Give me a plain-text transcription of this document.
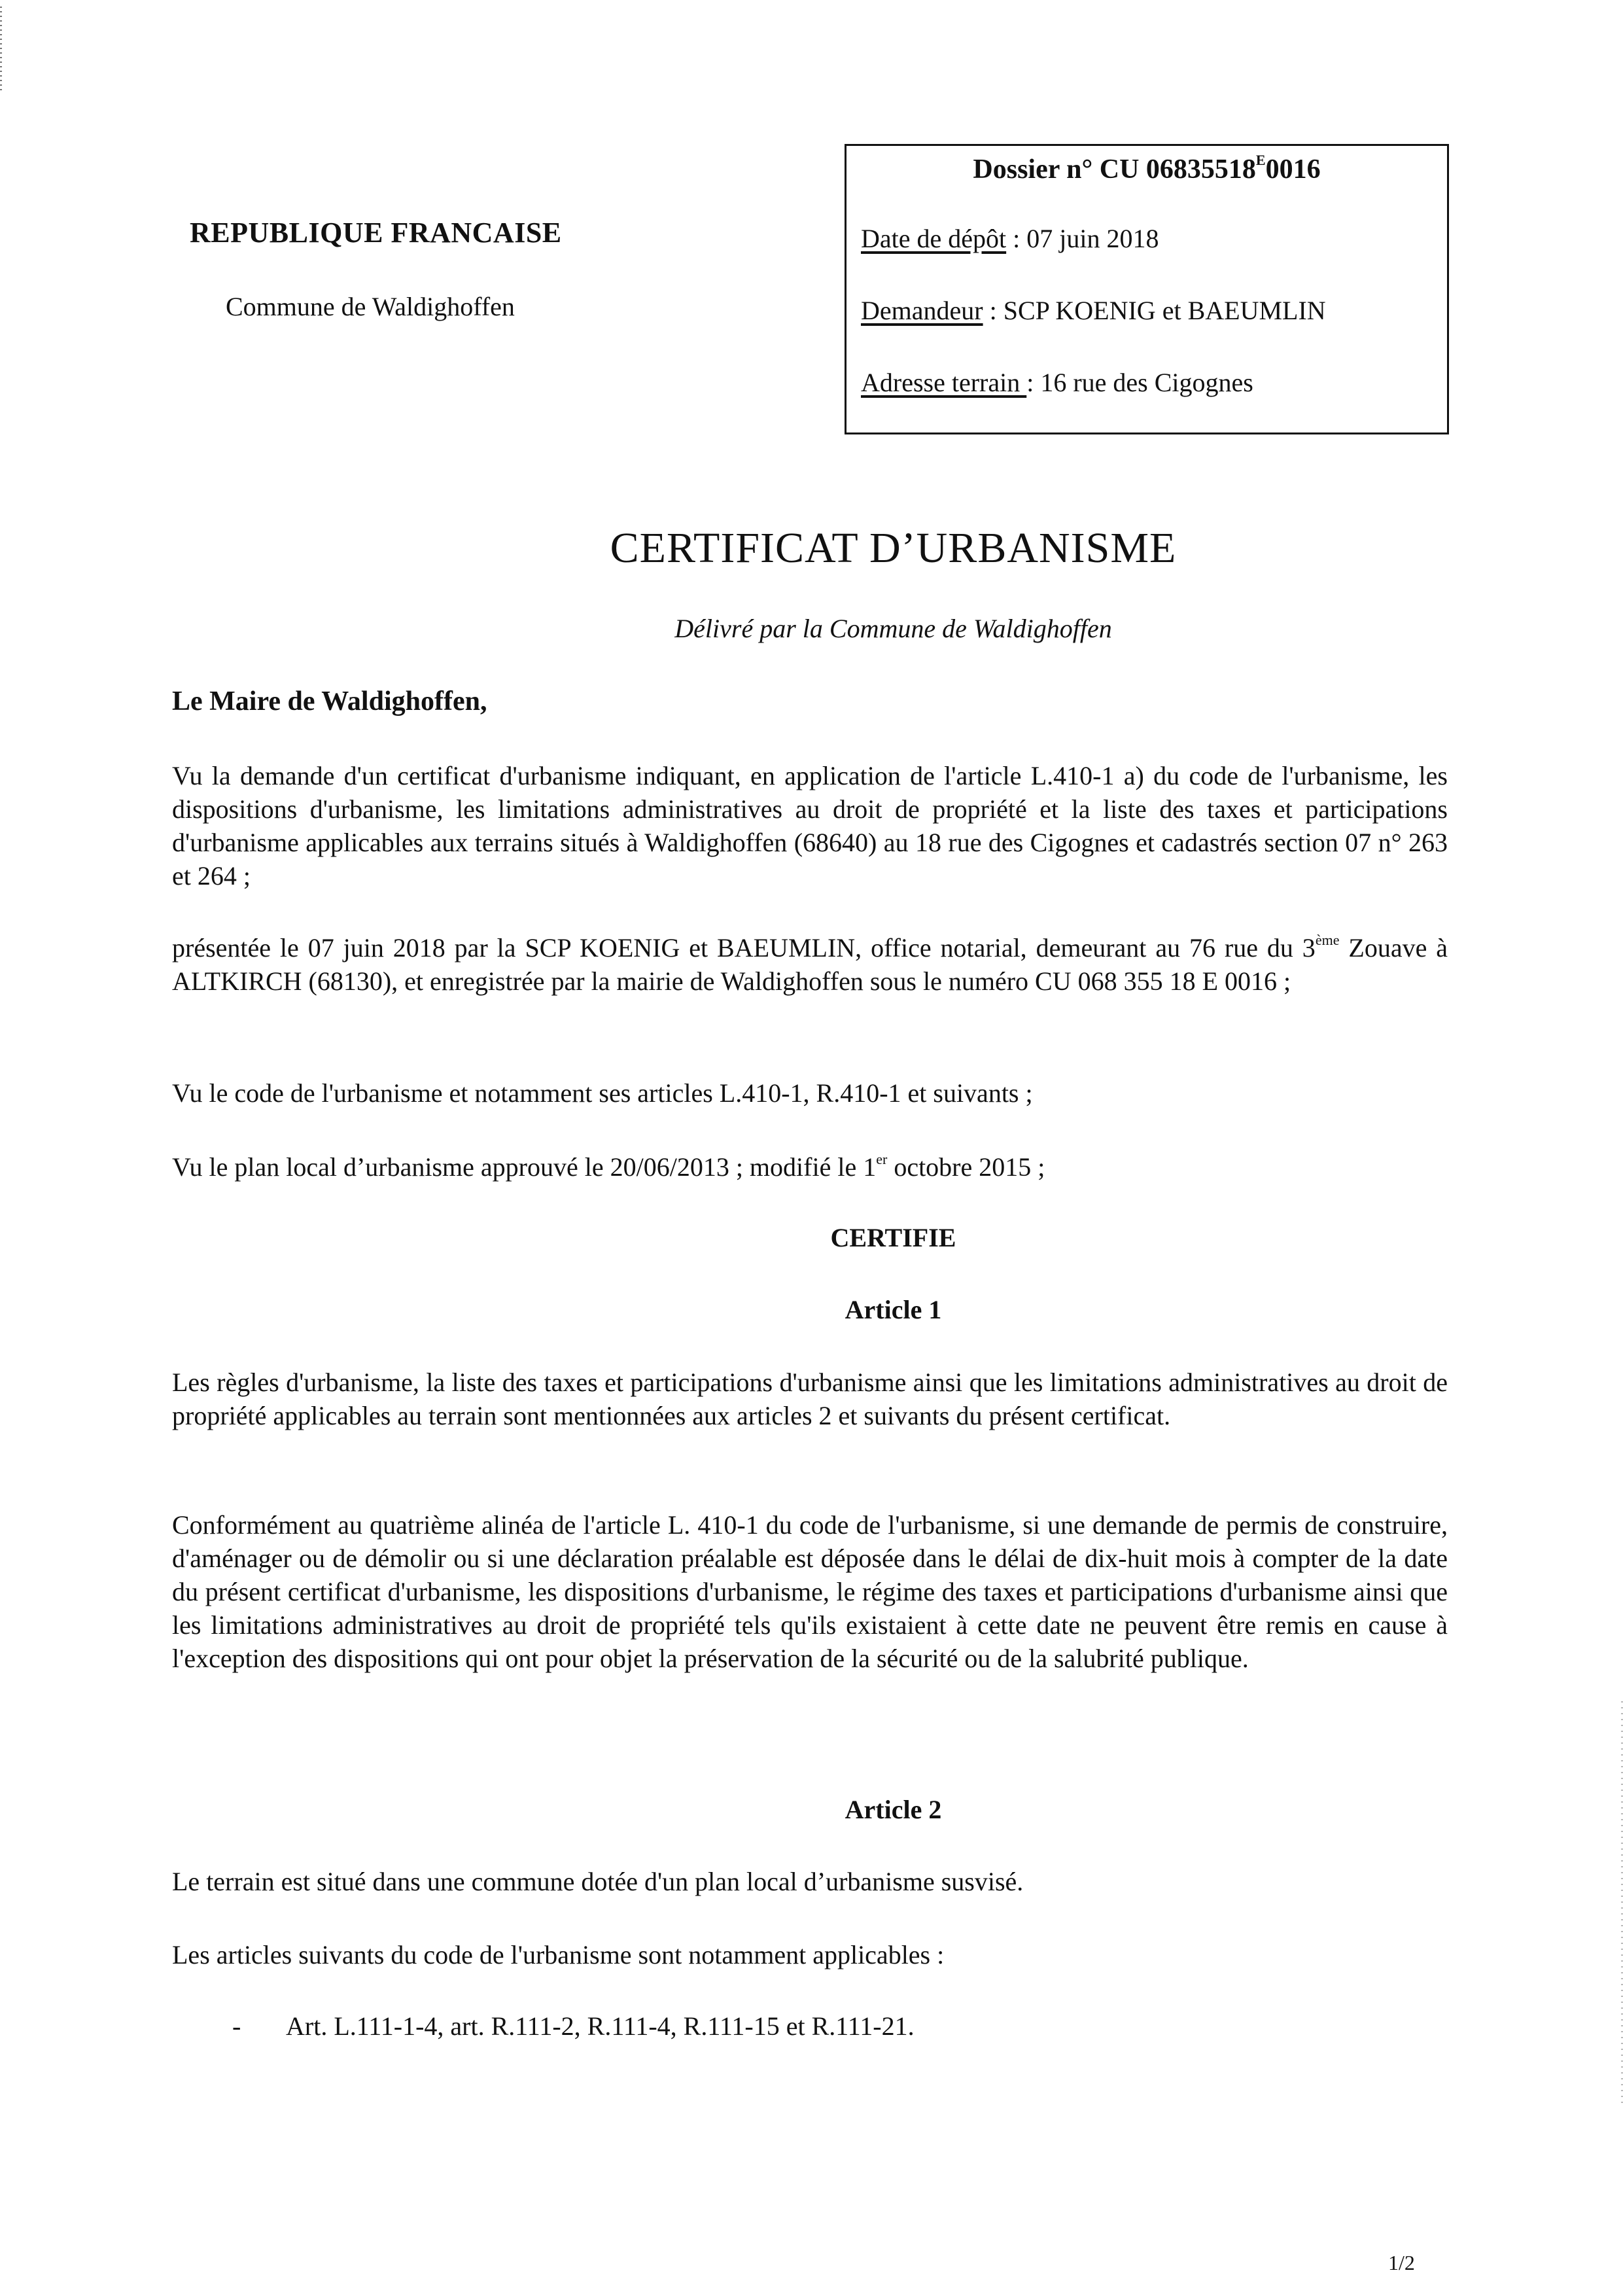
REPUBLIQUE FRANCAISE
Commune de Waldighoffen
Dossier n° CU $06835518^E0016$
Date de dépôt : 07 juin 2018
Demandeur : SCP KOENIG et BAEUMLIN
Adresse terrain : 16 rue des Cigognes
CERTIFICAT D’URBANISME
Délivré par la Commune de Waldighoffen
Le Maire de Waldighoffen,
Vu la demande d'un certificat d'urbanisme indiquant, en application de l'article L.410-1 a) du code de l'urbanisme, les dispositions d'urbanisme, les limitations administratives au droit de propriété et la liste des taxes et participations d'urbanisme applicables aux terrains situés à Waldighoffen (68640) au 18 rue des Cigognes et cadastrés section 07 n° 263 et 264 ;
présentée le 07 juin 2018 par la SCP KOENIG et BAEUMLIN, office notarial, demeurant au 76 rue du 3ème Zouave à ALTKIRCH (68130), et enregistrée par la mairie de Waldighoffen sous le numéro CU 068 355 18 E 0016 ;
Vu le code de l'urbanisme et notamment ses articles L.410-1, R.410-1 et suivants ;
Vu le plan local d’urbanisme approuvé le 20/06/2013 ; modifié le 1er octobre 2015 ;
CERTIFIE
Article 1
Les règles d'urbanisme, la liste des taxes et participations d'urbanisme ainsi que les limitations administratives au droit de propriété applicables au terrain sont mentionnées aux articles 2 et suivants du présent certificat.
Conformément au quatrième alinéa de l'article L. 410-1 du code de l'urbanisme, si une demande de permis de construire, d'aménager ou de démolir ou si une déclaration préalable est déposée dans le délai de dix-huit mois à compter de la date du présent certificat d'urbanisme, les dispositions d'urbanisme, le régime des taxes et participations d'urbanisme ainsi que les limitations administratives au droit de propriété tels qu'ils existaient à cette date ne peuvent être remis en cause à l'exception des dispositions qui ont pour objet la préservation de la sécurité ou de la salubrité publique.
Article 2
Le terrain est situé dans une commune dotée d'un plan local d’urbanisme susvisé.
Les articles suivants du code de l'urbanisme sont notamment applicables :
- Art. L.111-1-4, art. R.111-2, R.111-4, R.111-15 et R.111-21.
1/2
